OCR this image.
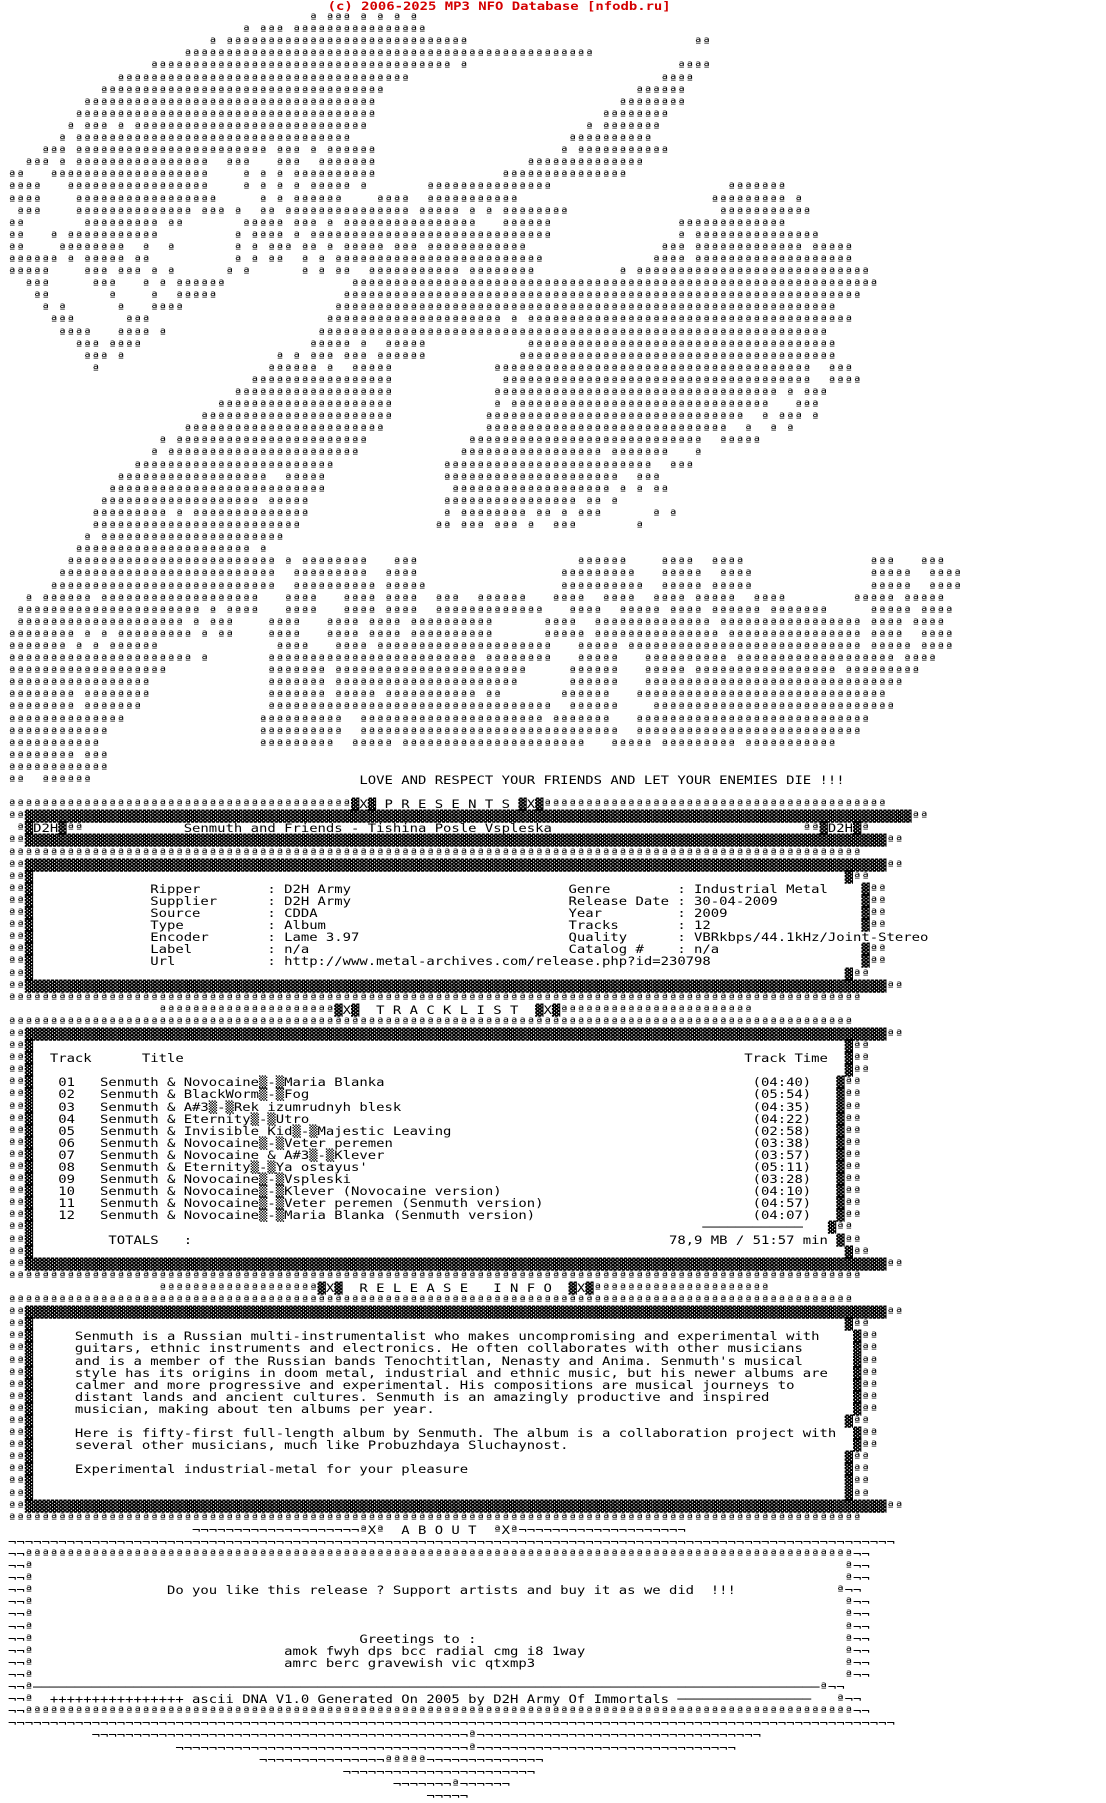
(c) 2006-2025 MP3 NFO Database [nfodb.ru]
ª ªªª ª ª ª ª
ª ªªª ªªªªªªªªªªªªªªªª
ª ªªªªªªªªªªªªªªªªªªªªªªªªªªªªª                           ªª
ªªªªªªªªªªªªªªªªªªªªªªªªªªªªªªªªªªªªªªªªªªªªªªªªª
ªªªªªªªªªªªªªªªªªªªªªªªªªªªªªªªªªªªª ª                         ªªªª
ªªªªªªªªªªªªªªªªªªªªªªªªªªªªªªªªªªª                              ªªªª
ªªªªªªªªªªªªªªªªªªªªªªªªªªªªªªªªªª                              ªªªªªª
ªªªªªªªªªªªªªªªªªªªªªªªªªªªªªªªªªªª                             ªªªªªªªª
ªªªªªªªªªªªªªªªªªªªªªªªªªªªªªªªªªªªª                           ªªªªªªªª
ª ªªª ª ªªªªªªªªªªªªªªªªªªªªªªªªªªªª                          ª ªªªªªªª
ª ªªªªªªªªªªªªªªªªªªªªªªªªªªªªªªªªª                          ªªªªªªªªªª
ªªª ªªªªªªªªªªªªªªªªªªªªªªª ªªª ª ªªªªªª                      ª ªªªªªªªªªªª
ªªª ª ªªªªªªªªªªªªªªªª  ªªª   ªªª  ªªªªªªª                  ªªªªªªªªªªªªªª
ªª   ªªªªªªªªªªªªªªªªªªª    ª ª ª ªªªªªªªªªª               ªªªªªªªªªªªªªªª
ªªªª   ªªªªªªªªªªªªªªªªª    ª ª ª ª ªªªªª ª       ªªªªªªªªªªªªªªª                     ªªªªªªª
ªªªª    ªªªªªªªªªªªªªªªªª     ª ª ªªªªªª    ªªªª  ªªªªªªªªªªª                       ªªªªªªªªª ª
ªªª    ªªªªªªªªªªªªªª ªªª ª  ªª ªªªªªªªªªªªªªªª ªªªªª ª ª ªªªªªªªª                  ªªªªªªªªªªª
ªª       ªªªªªªªªª ªª       ªªªªª ªªª ª ªªªªªªªªªªªªªªªª   ªªªªªª               ªªªªªªªªªªªªª
ªª   ª ªªªªªªªªªªª         ª ªªªª ª ªªªªªªªªªªªªªªªªªªªªªªªªªªªªª               ª ªªªªªªªªªªªªªªª
ªª    ªªªªªªªª  ª  ª       ª ª ªªª ªª ª ªªªªª ªªª ªªªªªªªªªªªª                ªªª ªªªªªªªªªªªªª ªªªªª
ªªªªªª ª ªªªªª ªª          ª ª ªª  ª ª ªªªªªªªªªªªªªªªªªªªªªªªªª             ªªªª ªªªªªªªªªªªªªªªªªªª
ªªªªª    ªªª ªªª ª ª      ª ª      ª ª ªª  ªªªªªªªªªªª ªªªªªªªª          ª ªªªªªªªªªªªªªªªªªªªªªªªªªªªª
ªªª     ªªª   ª ª ªªªªªª               ªªªªªªªªªªªªªªªªªªªªªªªªªªªªªªªªªªªªªªªªªªªªªªªªªªªªªªªªªªªªªªª
ªª       ª    ª  ªªªªª               ªªªªªªªªªªªªªªªªªªªªªªªªªªªªªªªªªªªªªªªªªªªªªªªªªªªªªªªªªªªªªª
ª ª      ª   ªªªª                  ªªªªªªªªªªªªªªªªªªªªªªªªªªªªªªªªªªªªªªªªªªªªªªªªªªªªªªªªªªªª
ªªª      ªªª                     ªªªªªªªªªªªªªªªªªªªªª ª ªªªªªªªªªªªªªªªªªªªªªªªªªªªªªªªªªªªªªªª
ªªªª   ªªªª ª                  ªªªªªªªªªªªªªªªªªªªªªªªªªªªªªªªªªªªªªªªªªªªªªªªªªªªªªªªªªªªªª
ªªª ªªªª                    ªªªªª ª  ªªªªª            ªªªªªªªªªªªªªªªªªªªªªªªªªªªªªªªªªªªªª
ªªª ª                  ª ª ªªª ªªª ªªªªªª           ªªªªªªªªªªªªªªªªªªªªªªªªªªªªªªªªªªªªªª
ª                    ªªªªªª ª  ªªªªª            ªªªªªªªªªªªªªªªªªªªªªªªªªªªªªªªªªªªªªª  ªªª
ªªªªªªªªªªªªªªªªª             ªªªªªªªªªªªªªªªªªªªªªªªªªªªªªªªªªªªªª  ªªªª
ªªªªªªªªªªªªªªªªªªª            ªªªªªªªªªªªªªªªªªªªªªªªªªªªªªªªªªª ª ªªª
ªªªªªªªªªªªªªªªªªªªªª            ª ªªªªªªªªªªªªªªªªªªªªªªªªªªªªªªª   ªªª
ªªªªªªªªªªªªªªªªªªªªªªª           ªªªªªªªªªªªªªªªªªªªªªªªªªªªªªªª  ª ªªª ª
ªªªªªªªªªªªªªªªªªªªªªªªª            ªªªªªªªªªªªªªªªªªªªªªªªªªªªªª  ª  ª ª
ª ªªªªªªªªªªªªªªªªªªªªªªª            ªªªªªªªªªªªªªªªªªªªªªªªªªªªª  ªªªªª
ª ªªªªªªªªªªªªªªªªªªªªªªª            ªªªªªªªªªªªªªªªªª ªªªªªªª   ª
ªªªªªªªªªªªªªªªªªªªªªªªª             ªªªªªªªªªªªªªªªªªªªªªªªªª  ªªª
ªªªªªªªªªªªªªªªªªª  ªªªªª              ªªªªªªªªªªªªªªªªªªªªª  ªªª
ªªªªªªªªªªªªªªªªªªªªªªªªªª               ªªªªªªªªªªªªªªªªªªª ª ª ªª
ªªªªªªªªªªªªªªªªªªª ªªªªª                ªªªªªªªªªªªªªªªª ªª ª
ªªªªªªªªª ª ªªªªªªªªªªªªªª                ª ªªªªªªªª ªª ª ªªª      ª ª
ªªªªªªªªªªªªªªªªªªªªªªªªª                ªª ªªª ªªª ª  ªªª       ª
ª ªªªªªªªªªªªªªªªªªªªªªª
ªªªªªªªªªªªªªªªªªªªªª ª
ªªªªªªªªªªªªªªªªªªªªªªªªª ª ªªªªªªªª   ªªª                   ªªªªªª    ªªªª  ªªªª               ªªª   ªªª
ªªªªªªªªªªªªªªªªªªªªªªªªªª  ªªªªªªªªª  ªªªª                 ªªªªªªªªª   ªªªªª  ªªªª              ªªªªª  ªªªª
ªªªªªªªªªªªªªªªªªªªªªªªªªªª  ªªªªªªªªªª ªªªªª                ªªªªªªªªªª  ªªªªª ªªªªª              ªªªªª  ªªªª
ª ªªªªªª ªªªªªªªªªªªªªªªªªªª   ªªªª   ªªªª ªªªª  ªªª  ªªªªªª   ªªªª  ªªªª  ªªªª ªªªªª  ªªªª        ªªªªª ªªªªª
ªªªªªªªªªªªªªªªªªªªªªª ª ªªªª   ªªªª   ªªªª ªªªª  ªªªªªªªªªªªªª   ªªªª  ªªªªª ªªªª ªªªªªª ªªªªªªª     ªªªªª ªªªª
ªªªªªªªªªªªªªªªªªªªª ª ªªª    ªªªª   ªªªª ªªªª ªªªªªªªªªª      ªªªª  ªªªªªªªªªªªªªª ªªªªªªªªªªªªªªªªª ªªªª ªªªª
ªªªªªªªª ª ª ªªªªªªªªª ª ªª    ªªªª   ªªªª ªªªª ªªªªªªªªªª      ªªªªª ªªªªªªªªªªªªªªª ªªªªªªªªªªªªªªªª ªªªª  ªªªª
ªªªªªªª ª ª ªªªªªª              ªªªª   ªªªª ªªªªªªªªªªªªªªªªªªªªª   ªªªªª ªªªªªªªªªªªªªªªªªªªªªªªªªªªª ªªªªª ªªªª
ªªªªªªªªªªªªªªªªªªªªªª ª       ªªªªªªªªªªªªªªªªªªªªªªªªª ªªªªªªªª   ªªªªª   ªªªªªªªªªª ªªªªªªªªªªªªªªªªªªª ªªªª
ªªªªªªªªªªªªªªªªªªª            ªªªªªªª ªªªªªªªªªªªªªªªªªªªªªªª     ªªªªªª   ªªªªª ªªªªªªªªªªªªªªªªª ªªªªªªªªª
ªªªªªªªªªªªªªªªªª              ªªªªªªª ªªªªªªªªªªªªªªªªªªªªªª      ªªªªªª   ªªªªªªªªªªªªªªªªªªªªªªªªªªªªªªª
ªªªªªªªª ªªªªªªªª              ªªªªªªª ªªªªª ªªªªªªªªªªª ªª       ªªªªªª   ªªªªªªªªªªªªªªªªªªªªªªªªªªªªªª
ªªªªªªªª ªªªªªªª               ªªªªªªªªªªªªªªªªªªªªªªªªªªªªªªªªªª  ªªªªªª    ªªªªªªªªªªªªªªªªªªªªªªªªªªªªª
ªªªªªªªªªªªªªª                ªªªªªªªªªª  ªªªªªªªªªªªªªªªªªªªªªª ªªªªªªª   ªªªªªªªªªªªªªªªªªªªªªªªªªªªª
ªªªªªªªªªªªª                  ªªªªªªªªªª  ªªªªªªªªªªªªªªªªªªªªªªªªªªªªªªª  ªªªªªªªªªªªªªªªªªªªªªªªªªªª
ªªªªªªªªªªª                   ªªªªªªªªª  ªªªªª ªªªªªªªªªªªªªªªªªªªªªª   ªªªªª ªªªªªªªªª ªªªªªªªªªªª
ªªªªªªªª ªªª
ªªªªªªªªªªªª
ªª  ªªªªªª                                LOVE AND RESPECT YOUR FRIENDS AND LET YOUR ENEMIES DIE !!!
ªªªªªªªªªªªªªªªªªªªªªªªªªªªªªªªªªªªªªªªªª▓X▓ P R E S E N T S ▓X▓ªªªªªªªªªªªªªªªªªªªªªªªªªªªªªªªªªªªªªªªªª
ªª▓▓▓▓▓▓▓▓▓▓▓▓▓▓▓▓▓▓▓▓▓▓▓▓▓▓▓▓▓▓▓▓▓▓▓▓▓▓▓▓▓▓▓▓▓▓▓▓▓▓▓▓▓▓▓▓▓▓▓▓▓▓▓▓▓▓▓▓▓▓▓▓▓▓▓▓▓▓▓▓▓▓▓▓▓▓▓▓▓▓▓▓▓▓▓▓▓▓▓▓▓▓▓▓▓▓ªª
ª▓D2H▓ªª            Senmuth and Friends - Tishina Posle Vspleska                              ªª▓D2H▓ª
ªª▓▓▓▓▓▓▓▓▓▓▓▓▓▓▓▓▓▓▓▓▓▓▓▓▓▓▓▓▓▓▓▓▓▓▓▓▓▓▓▓▓▓▓▓▓▓▓▓▓▓▓▓▓▓▓▓▓▓▓▓▓▓▓▓▓▓▓▓▓▓▓▓▓▓▓▓▓▓▓▓▓▓▓▓▓▓▓▓▓▓▓▓▓▓▓▓▓▓▓▓▓▓▓ªª
ªªªªªªªªªªªªªªªªªªªªªªªªªªªªªªªªªªªªªªªªªªªªªªªªªªªªªªªªªªªªªªªªªªªªªªªªªªªªªªªªªªªªªªªªªªªªªªªªªªªªªª
ªª▓▓▓▓▓▓▓▓▓▓▓▓▓▓▓▓▓▓▓▓▓▓▓▓▓▓▓▓▓▓▓▓▓▓▓▓▓▓▓▓▓▓▓▓▓▓▓▓▓▓▓▓▓▓▓▓▓▓▓▓▓▓▓▓▓▓▓▓▓▓▓▓▓▓▓▓▓▓▓▓▓▓▓▓▓▓▓▓▓▓▓▓▓▓▓▓▓▓▓▓▓▓▓ªª
ªª▓                                                                                                 ▓ªª
ªª▓              Ripper        : D2H Army                          Genre        : Industrial Metal    ▓ªª
ªª▓              Supplier      : D2H Army                          Release Date : 30-04-2009          ▓ªª
ªª▓              Source        : CDDA                              Year         : 2009                ▓ªª
ªª▓              Type          : Album                             Tracks       : 12                  ▓ªª
ªª▓              Encoder       : Lame 3.97                         Quality      : VBRkbps/44.1kHz/Joint-Stereo
ªª▓              Label         : n/a                               Catalog #    : n/a                 ▓ªª
ªª▓              Url           : http://www.metal-archives.com/release.php?id=230798                  ▓ªª
ªª▓                                                                                                 ▓ªª
ªª▓▓▓▓▓▓▓▓▓▓▓▓▓▓▓▓▓▓▓▓▓▓▓▓▓▓▓▓▓▓▓▓▓▓▓▓▓▓▓▓▓▓▓▓▓▓▓▓▓▓▓▓▓▓▓▓▓▓▓▓▓▓▓▓▓▓▓▓▓▓▓▓▓▓▓▓▓▓▓▓▓▓▓▓▓▓▓▓▓▓▓▓▓▓▓▓▓▓▓▓▓▓▓ªª
ªªªªªªªªªªªªªªªªªªªªªªªªªªªªªªªªªªªªªªªªªªªªªªªªªªªªªªªªªªªªªªªªªªªªªªªªªªªªªªªªªªªªªªªªªªªªªªªªªªªªªª
ªªªªªªªªªªªªªªªªªªªªª▓X▓  T R A C K L I S T  ▓X▓ªªªªªªªªªªªªªªªªªªªªªªª
ªªªªªªªªªªªªªªªªªªªªªªªªªªªªªªªªªªªªªªªªªªªªªªªªªªªªªªªªªªªªªªªªªªªªªªªªªªªªªªªªªªªªªªªªªªªªªªªªªªªªª
ªª▓▓▓▓▓▓▓▓▓▓▓▓▓▓▓▓▓▓▓▓▓▓▓▓▓▓▓▓▓▓▓▓▓▓▓▓▓▓▓▓▓▓▓▓▓▓▓▓▓▓▓▓▓▓▓▓▓▓▓▓▓▓▓▓▓▓▓▓▓▓▓▓▓▓▓▓▓▓▓▓▓▓▓▓▓▓▓▓▓▓▓▓▓▓▓▓▓▓▓▓▓▓▓ªª
ªª▓                                                                                                 ▓ªª
ªª▓  Track      Title                                                                   Track Time  ▓ªª
ªª▓                                                                                                 ▓ªª
ªª▓   01   Senmuth & Novocaine▒-▒Maria Blanka                                            (04:40)   ▓ªª
ªª▓   02   Senmuth & BlackWorm▒-▒Fog                                                     (05:54)   ▓ªª
ªª▓   03   Senmuth & A#3▒-▒Rek izumrudnyh blesk                                          (04:35)   ▓ªª
ªª▓   04   Senmuth & Eternity▒-▒Utro                                                     (04:22)   ▓ªª
ªª▓   05   Senmuth & Invisible Kid▒-▒Majestic Leaving                                    (02:58)   ▓ªª
ªª▓   06   Senmuth & Novocaine▒-▒Veter peremen                                           (03:38)   ▓ªª
ªª▓   07   Senmuth & Novocaine & A#3▒-▒Klever                                            (03:57)   ▓ªª
ªª▓   08   Senmuth & Eternity▒-▒Ya ostayus'                                              (05:11)   ▓ªª
ªª▓   09   Senmuth & Novocaine▒-▒Vspleski                                                (03:28)   ▓ªª
ªª▓   10   Senmuth & Novocaine▒-▒Klever (Novocaine version)                              (04:10)   ▓ªª
ªª▓   11   Senmuth & Novocaine▒-▒Veter peremen (Senmuth version)                         (04:57)   ▓ªª
ªª▓   12   Senmuth & Novocaine▒-▒Maria Blanka (Senmuth version)                          (04:07)   ▓ªª
ªª▓                                                                                ────────────   ▓ªª
ªª▓         TOTALS   :                                                         78,9 MB / 51:57 min ▓ªª
ªª▓                                                                                                 ▓ªª
ªª▓▓▓▓▓▓▓▓▓▓▓▓▓▓▓▓▓▓▓▓▓▓▓▓▓▓▓▓▓▓▓▓▓▓▓▓▓▓▓▓▓▓▓▓▓▓▓▓▓▓▓▓▓▓▓▓▓▓▓▓▓▓▓▓▓▓▓▓▓▓▓▓▓▓▓▓▓▓▓▓▓▓▓▓▓▓▓▓▓▓▓▓▓▓▓▓▓▓▓▓▓▓▓ªª
ªªªªªªªªªªªªªªªªªªªªªªªªªªªªªªªªªªªªªªªªªªªªªªªªªªªªªªªªªªªªªªªªªªªªªªªªªªªªªªªªªªªªªªªªªªªªªªªªªªªªªª
ªªªªªªªªªªªªªªªªªªª▓X▓  R E L E A S E   I N F O  ▓X▓ªªªªªªªªªªªªªªªªªªªªª
ªªªªªªªªªªªªªªªªªªªªªªªªªªªªªªªªªªªªªªªªªªªªªªªªªªªªªªªªªªªªªªªªªªªªªªªªªªªªªªªªªªªªªªªªªªªªªªªªªªªªª
ªª▓▓▓▓▓▓▓▓▓▓▓▓▓▓▓▓▓▓▓▓▓▓▓▓▓▓▓▓▓▓▓▓▓▓▓▓▓▓▓▓▓▓▓▓▓▓▓▓▓▓▓▓▓▓▓▓▓▓▓▓▓▓▓▓▓▓▓▓▓▓▓▓▓▓▓▓▓▓▓▓▓▓▓▓▓▓▓▓▓▓▓▓▓▓▓▓▓▓▓▓▓▓▓ªª
ªª▓                                                                                                 ▓ªª
ªª▓     Senmuth is a Russian multi-instrumentalist who makes uncompromising and experimental with    ▓ªª
ªª▓     guitars, ethnic instruments and electronics. He often collaborates with other musicians      ▓ªª
ªª▓     and is a member of the Russian bands Tenochtitlan, Nenasty and Anima. Senmuth's musical      ▓ªª
ªª▓     style has its origins in doom metal, industrial and ethnic music, but his newer albums are   ▓ªª
ªª▓     calmer and more progressive and experimental. His compositions are musical journeys to       ▓ªª
ªª▓     distant lands and ancient cultures. Senmuth is an amazingly productive and inspired          ▓ªª
ªª▓     musician, making about ten albums per year.                                                  ▓ªª
ªª▓                                                                                                 ▓ªª
ªª▓     Here is fifty-first full-length album by Senmuth. The album is a collaboration project with  ▓ªª
ªª▓     several other musicians, much like Probuzhdaya Sluchaynost.                                  ▓ªª
ªª▓                                                                                                 ▓ªª
ªª▓     Experimental industrial-metal for your pleasure                                             ▓ªª
ªª▓                                                                                                 ▓ªª
ªª▓                                                                                                 ▓ªª
ªª▓▓▓▓▓▓▓▓▓▓▓▓▓▓▓▓▓▓▓▓▓▓▓▓▓▓▓▓▓▓▓▓▓▓▓▓▓▓▓▓▓▓▓▓▓▓▓▓▓▓▓▓▓▓▓▓▓▓▓▓▓▓▓▓▓▓▓▓▓▓▓▓▓▓▓▓▓▓▓▓▓▓▓▓▓▓▓▓▓▓▓▓▓▓▓▓▓▓▓▓▓▓▓ªª
ªªªªªªªªªªªªªªªªªªªªªªªªªªªªªªªªªªªªªªªªªªªªªªªªªªªªªªªªªªªªªªªªªªªªªªªªªªªªªªªªªªªªªªªªªªªªªªªªªªªªªª
¬¬¬¬¬¬¬¬¬¬¬¬¬¬¬¬¬¬¬¬ªXª  A B O U T  ªXª¬¬¬¬¬¬¬¬¬¬¬¬¬¬¬¬¬¬¬¬
¬¬¬¬¬¬¬¬¬¬¬¬¬¬¬¬¬¬¬¬¬¬¬¬¬¬¬¬¬¬¬¬¬¬¬¬¬¬¬¬¬¬¬¬¬¬¬¬¬¬¬¬¬¬¬¬¬¬¬¬¬¬¬¬¬¬¬¬¬¬¬¬¬¬¬¬¬¬¬¬¬¬¬¬¬¬¬¬¬¬¬¬¬¬¬¬¬¬¬¬¬¬¬¬¬¬
¬¬ªªªªªªªªªªªªªªªªªªªªªªªªªªªªªªªªªªªªªªªªªªªªªªªªªªªªªªªªªªªªªªªªªªªªªªªªªªªªªªªªªªªªªªªªªªªªªªªªªªª¬¬
¬¬ª                                                                                                 ª¬¬
¬¬ª                                                                                                 ª¬¬
¬¬ª                Do you like this release ? Support artists and buy it as we did  !!!            ª¬¬
¬¬ª                                                                                                 ª¬¬
¬¬ª                                                                                                 ª¬¬
¬¬ª                                                                                                 ª¬¬
¬¬ª                                       Greetings to :                                            ª¬¬
¬¬ª                              amok fwyh dps bcc radial cmg i8 1way                               ª¬¬
¬¬ª                              amrc berc gravewish vic qtxmp3                                     ª¬¬
¬¬ª                                                                                                 ª¬¬
¬¬ª──────────────────────────────────────────────────────────────────────────────────────────────ª¬¬
¬¬ª  ++++++++++++++++ ascii DNA V1.0 Generated On 2005 by D2H Army Of Immortals ────────────────   ª¬¬
¬¬ªªªªªªªªªªªªªªªªªªªªªªªªªªªªªªªªªªªªªªªªªªªªªªªªªªªªªªªªªªªªªªªªªªªªªªªªªªªªªªªªªªªªªªªªªªªªªªªªªªª¬¬
¬¬¬¬¬¬¬¬¬¬¬¬¬¬¬¬¬¬¬¬¬¬¬¬¬¬¬¬¬¬¬¬¬¬¬¬¬¬¬¬¬¬¬¬¬¬¬¬¬¬¬¬¬¬¬¬¬¬¬¬¬¬¬¬¬¬¬¬¬¬¬¬¬¬¬¬¬¬¬¬¬¬¬¬¬¬¬¬¬¬¬¬¬¬¬¬¬¬¬¬¬¬¬¬¬¬
¬¬¬¬¬¬¬¬¬¬¬¬¬¬¬¬¬¬¬¬¬¬¬¬¬¬¬¬¬¬¬¬¬¬¬¬¬¬¬¬¬¬¬¬¬ª¬¬¬¬¬¬¬¬¬¬¬¬¬¬¬¬¬¬¬¬¬¬¬¬¬¬¬¬¬¬¬¬¬¬
¬¬¬¬¬¬¬¬¬¬¬¬¬¬¬¬¬¬¬¬¬¬¬¬¬¬¬¬¬¬¬¬¬¬¬ª¬¬¬¬¬¬¬¬¬¬¬¬¬¬¬¬¬¬¬¬¬¬¬¬¬¬¬¬¬¬¬
¬¬¬¬¬¬¬¬¬¬¬¬¬¬¬ªªªªª¬¬¬¬¬¬¬¬¬¬¬¬¬¬
¬¬¬¬¬¬¬¬¬¬¬¬¬¬¬¬¬¬¬¬¬¬¬
¬¬¬¬¬¬¬ª¬¬¬¬¬¬
¬¬¬¬¬
